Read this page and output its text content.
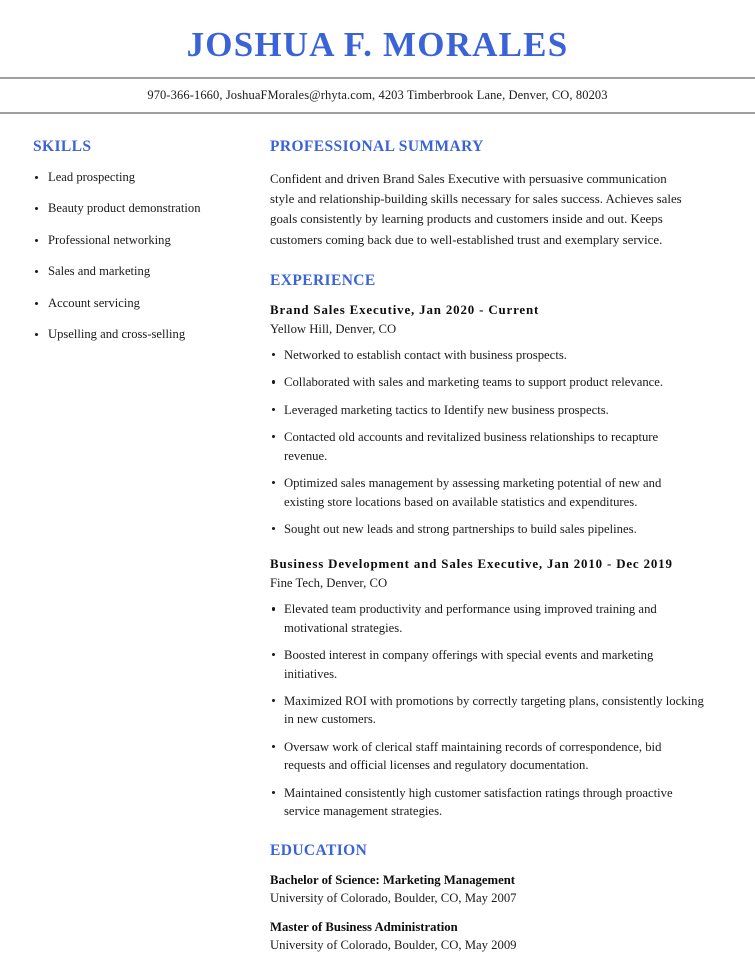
JOSHUA F. MORALES
970-366-1660, JoshuaFMorales@rhyta.com, 4203 Timberbrook Lane, Denver, CO, 80203
SKILLS
Lead prospecting
Beauty product demonstration
Professional networking
Sales and marketing
Account servicing
Upselling and cross-selling
PROFESSIONAL SUMMARY

Confident and driven Brand Sales Executive with persuasive communication style and relationship-building skills necessary for sales success. Achieves sales goals consistently by learning products and customers inside and out. Keeps customers coming back due to well-established trust and exemplary service.

EXPERIENCE
Brand Sales Executive, Jan 2020 - Current
Yellow Hill, Denver, CO
Networked to establish contact with business prospects.
Collaborated with sales and marketing teams to support product relevance.
Leveraged marketing tactics to Identify new business prospects.
Contacted old accounts and revitalized business relationships to recapture revenue.
Optimized sales management by assessing marketing potential of new and existing store locations based on available statistics and expenditures.
Sought out new leads and strong partnerships to build sales pipelines.
Business Development and Sales Executive, Jan 2010 - Dec 2019
Fine Tech, Denver, CO
Elevated team productivity and performance using improved training and motivational strategies.
Boosted interest in company offerings with special events and marketing initiatives.
Maximized ROI with promotions by correctly targeting plans, consistently locking in new customers.
Oversaw work of clerical staff maintaining records of correspondence, bid requests and official licenses and regulatory documentation.
Maintained consistently high customer satisfaction ratings through proactive service management strategies.
EDUCATION
Bachelor of Science: Marketing Management
University of Colorado, Boulder, CO, May 2007
Master of Business Administration
University of Colorado, Boulder, CO, May 2009
